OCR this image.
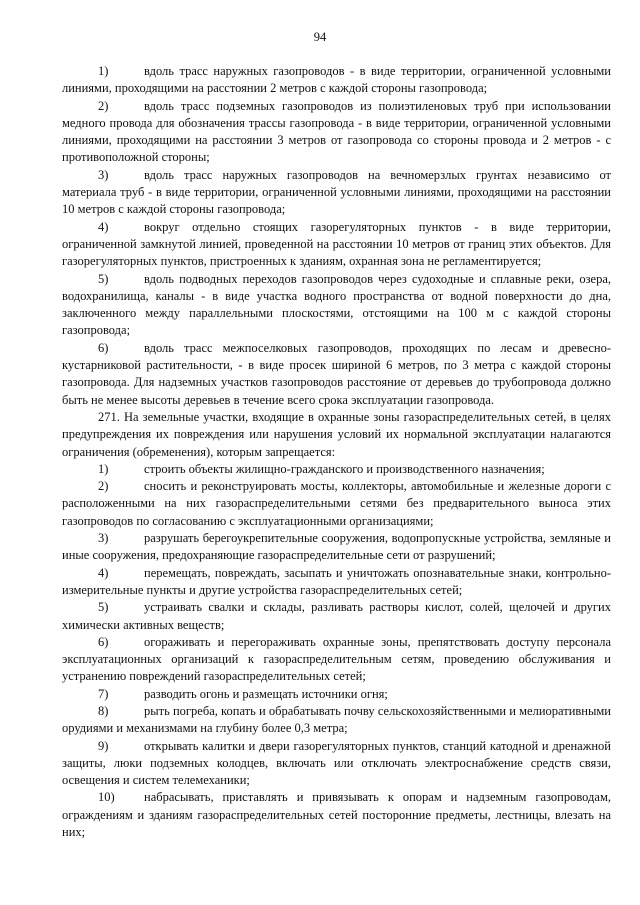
94

1)	вдоль трасс наружных газопроводов - в виде территории, ограниченной условными линиями, проходящими на расстоянии 2 метров с каждой стороны газопровода;

2)	вдоль трасс подземных газопроводов из полиэтиленовых труб при использовании медного провода для обозначения трассы газопровода - в виде территории, ограниченной условными линиями, проходящими на расстоянии 3 метров от газопровода со стороны провода и 2 метров - с противоположной стороны;

3)	вдоль трасс наружных газопроводов на вечномерзлых грунтах независимо от материала труб - в виде территории, ограниченной условными линиями, проходящими на расстоянии 10 метров с каждой стороны газопровода;

4)	вокруг отдельно стоящих газорегуляторных пунктов - в виде территории, ограниченной замкнутой линией, проведенной на расстоянии 10 метров от границ этих объектов. Для газорегуляторных пунктов, пристроенных к зданиям, охранная зона не регламентируется;

5)	вдоль подводных переходов газопроводов через судоходные и сплавные реки, озера, водохранилища, каналы - в виде участка водного пространства от водной поверхности до дна, заключенного между параллельными плоскостями, отстоящими на 100 м с каждой стороны газопровода;

6)	вдоль трасс межпоселковых газопроводов, проходящих по лесам и древесно-кустарниковой растительности, - в виде просек шириной 6 метров, по 3 метра с каждой стороны газопровода. Для надземных участков газопроводов расстояние от деревьев до трубопровода должно быть не менее высоты деревьев в течение всего срока эксплуатации газопровода.

271. На земельные участки, входящие в охранные зоны газораспределительных сетей, в целях предупреждения их повреждения или нарушения условий их нормальной эксплуатации налагаются ограничения (обременения), которым запрещается:

1)	строить объекты жилищно-гражданского и производственного назначения;

2)	сносить и реконструировать мосты, коллекторы, автомобильные и железные дороги с расположенными на них газораспределительными сетями без предварительного выноса этих газопроводов по согласованию с эксплуатационными организациями;

3)	разрушать берегоукрепительные сооружения, водопропускные устройства, земляные и иные сооружения, предохраняющие газораспределительные сети от разрушений;

4)	перемещать, повреждать, засыпать и уничтожать опознавательные знаки, контрольно-измерительные пункты и другие устройства газораспределительных сетей;

5)	устраивать свалки и склады, разливать растворы кислот, солей, щелочей и других химически активных веществ;

6)	огораживать и перегораживать охранные зоны, препятствовать доступу персонала эксплуатационных организаций к газораспределительным сетям, проведению обслуживания и устранению повреждений газораспределительных сетей;

7)	разводить огонь и размещать источники огня;

8)	рыть погреба, копать и обрабатывать почву сельскохозяйственными и мелиоративными орудиями и механизмами на глубину более 0,3 метра;

9)	открывать калитки и двери газорегуляторных пунктов, станций катодной и дренажной защиты, люки подземных колодцев, включать или отключать электроснабжение средств связи, освещения и систем телемеханики;

10) набрасывать, приставлять и привязывать к опорам и надземным газопроводам, ограждениям и зданиям газораспределительных сетей посторонние предметы, лестницы, влезать на них;
